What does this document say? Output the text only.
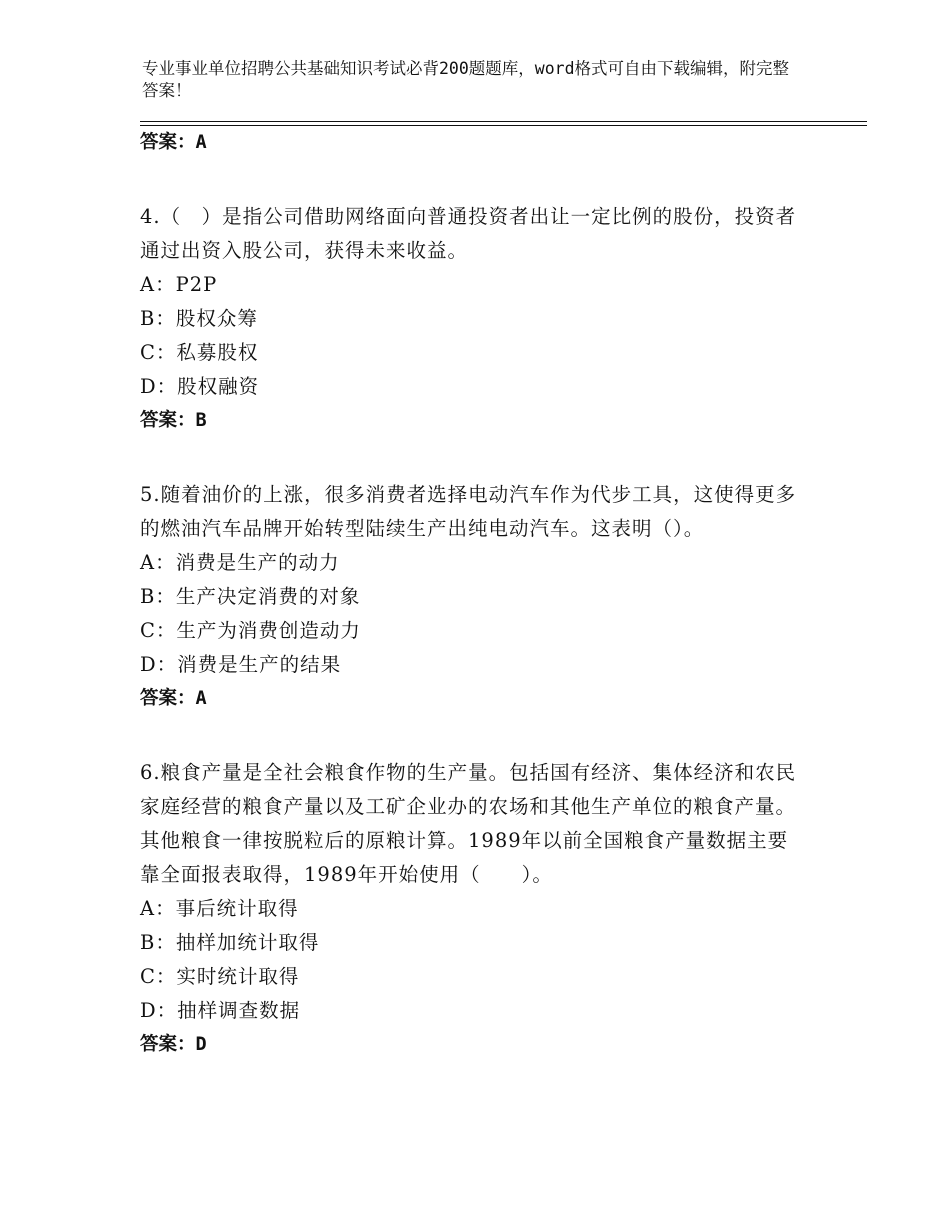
专业事业单位招聘公共基础知识考试必背200题题库，word格式可自由下载编辑，附完整答案！
答案：A
4.（　）是指公司借助网络面向普通投资者出让一定比例的股份，投资者通过出资入股公司，获得未来收益。
A：P2P
B：股权众筹
C：私募股权
D：股权融资
答案：B
5.随着油价的上涨，很多消费者选择电动汽车作为代步工具，这使得更多的燃油汽车品牌开始转型陆续生产出纯电动汽车。这表明（）。
A：消费是生产的动力
B：生产决定消费的对象
C：生产为消费创造动力
D：消费是生产的结果
答案：A
6.粮食产量是全社会粮食作物的生产量。包括国有经济、集体经济和农民家庭经营的粮食产量以及工矿企业办的农场和其他生产单位的粮食产量。其他粮食一律按脱粒后的原粮计算。1989年以前全国粮食产量数据主要靠全面报表取得，1989年开始使用（　　）。
A：事后统计取得
B：抽样加统计取得
C：实时统计取得
D：抽样调查数据
答案：D
